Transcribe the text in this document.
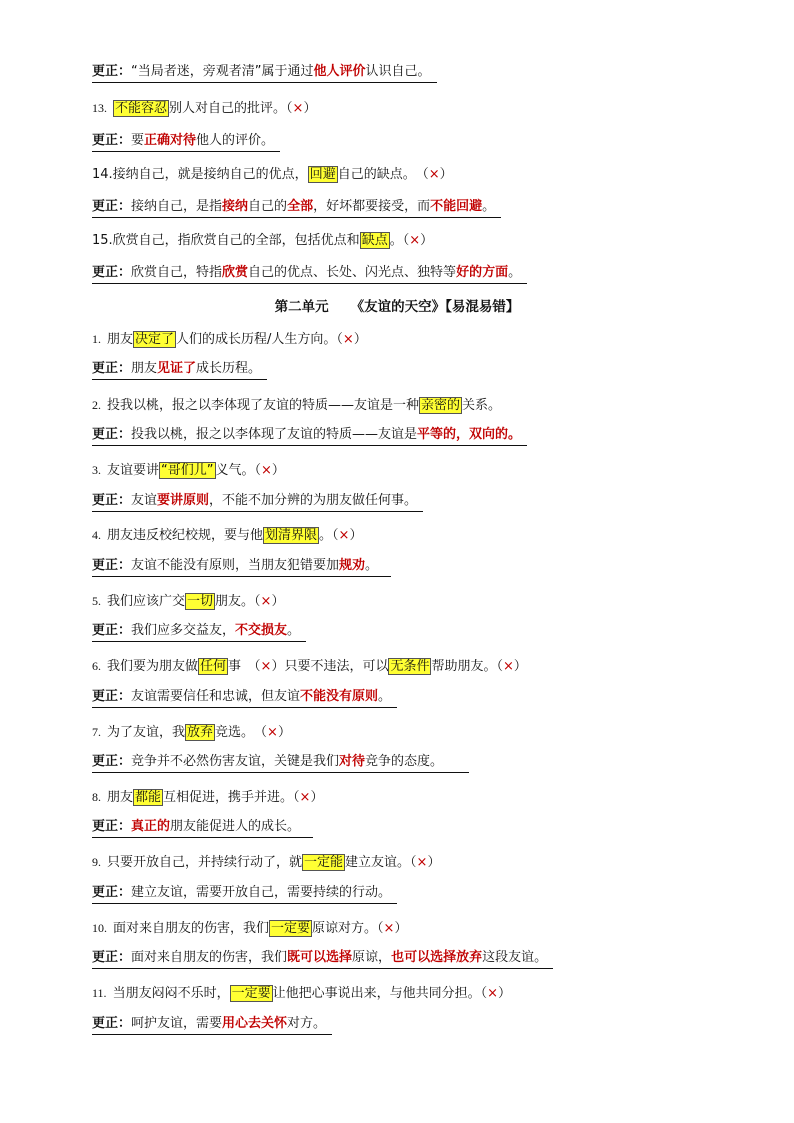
第二单元 《友谊的天空》【易混易错】
更正：“当局者迷，旁观者清”属于通过他人评价认识自己。
13. 不能容忍 别人对自己的批评。（×）
更正：要正确对待他人的评价。
14.接纳自己，就是接纳自己的优点， 回避 自己的缺点。　（×）
更正：接纳自己，是指接纳自己的全部，好坏都要接受，而不能回避。
15.欣赏自己，指欣赏自己的全部，包括优点和 缺点 。（×）
更正：欣赏自己，特指欣赏自己的优点、长处、闪光点、独特等好的方面。
1. 朋友 决定了 人们的成长历程/人生方向。（×）
更正：朋友见证了成长历程。
2. 投我以桃，报之以李体现了友谊的特质——友谊是一种 亲密的 关系。
更正：投我以桃，报之以李体现了友谊的特质——友谊是平等的，双向的。
3. 友谊要讲 “哥们儿” 义气。（×）
更正：友谊要讲原则，不能不加分辨的为朋友做任何事。
4. 朋友违反校纪校规，要与他 划清界限 。（×）
更正：友谊不能没有原则，当朋友犯错要加规劝。　
5. 我们应该广交 一切 朋友。（×）
更正：我们应多交益友，不交损友。
6. 我们要为朋友做 任何 事　（×）只要不违法，可以 无条件 帮助朋友。（×）
更正：友谊需要信任和忠诚，但友谊不能没有原则。
7. 为了友谊，我 放弃 竞选。　（×）
更正：竞争并不必然伤害友谊，关键是我们对待竞争的态度。　　
8. 朋友 都能 互相促进，携手并进。（×）
更正：真正的朋友能促进人的成长。　
9. 只要开放自己，并持续行动了，就 一定能 建立友谊。（×）
更正：建立友谊，需要开放自己，需要持续的行动。
10. 面对来自朋友的伤害，我们 一定要 原谅对方。（×）
更正：面对来自朋友的伤害，我们既可以选择原谅，也可以选择放弃这段友谊。
11. 当朋友闷闷不乐时， 一定要 让他把心事说出来，与他共同分担。（×）
更正：呵护友谊，需要用心去关怀对方。
